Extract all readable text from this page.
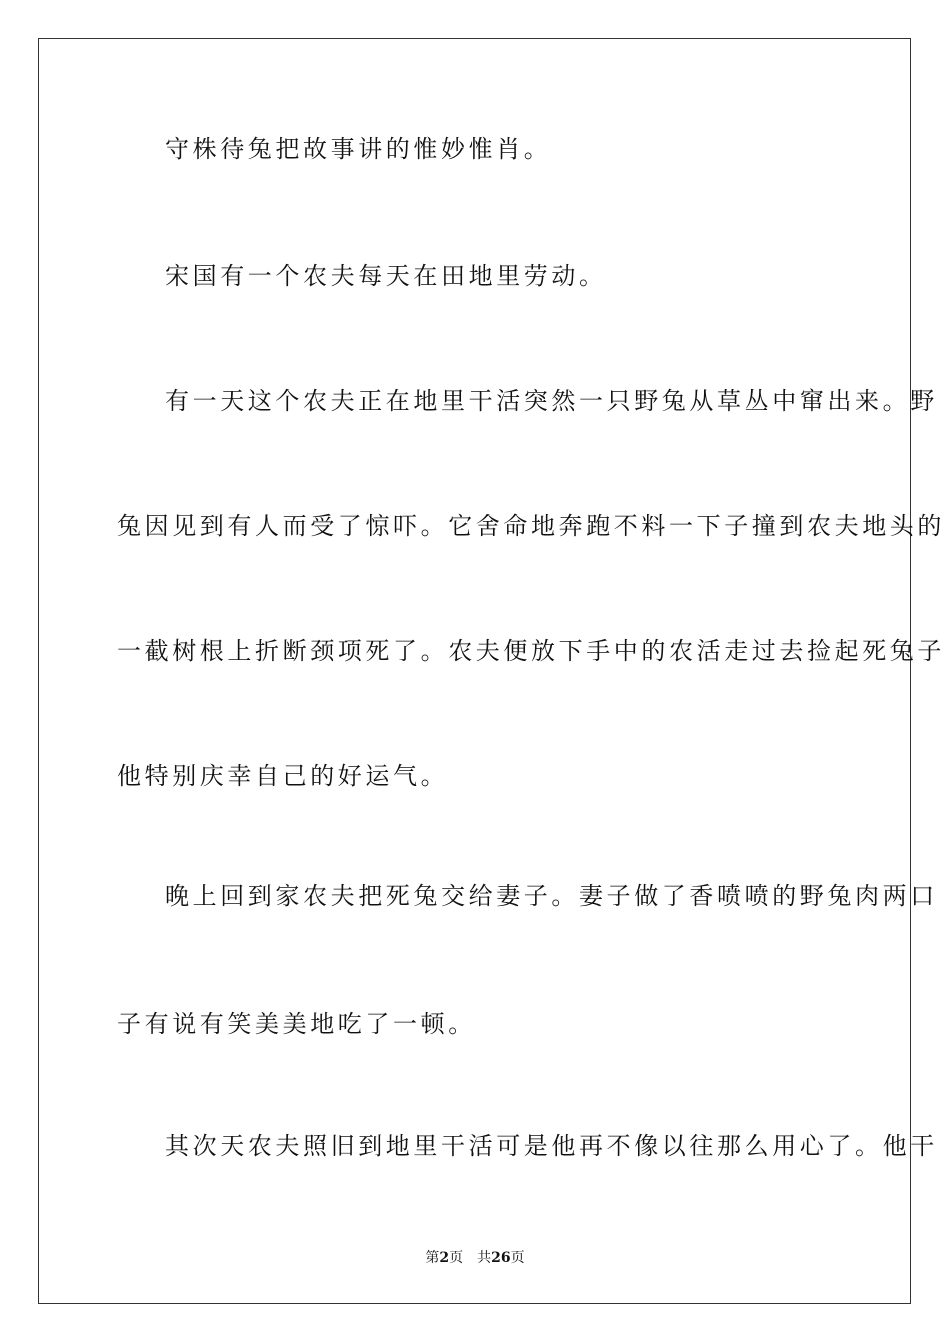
守株待兔把故事讲的惟妙惟肖。
宋国有一个农夫每天在田地里劳动。
有一天这个农夫正在地里干活突然一只野兔从草丛中窜出来。野
兔因见到有人而受了惊吓。它舍命地奔跑不料一下子撞到农夫地头的
一截树根上折断颈项死了。农夫便放下手中的农活走过去捡起死兔子
他特别庆幸自己的好运气。
晚上回到家农夫把死兔交给妻子。妻子做了香喷喷的野兔肉两口
子有说有笑美美地吃了一顿。
其次天农夫照旧到地里干活可是他再不像以往那么用心了。他干
第2页 共26页
